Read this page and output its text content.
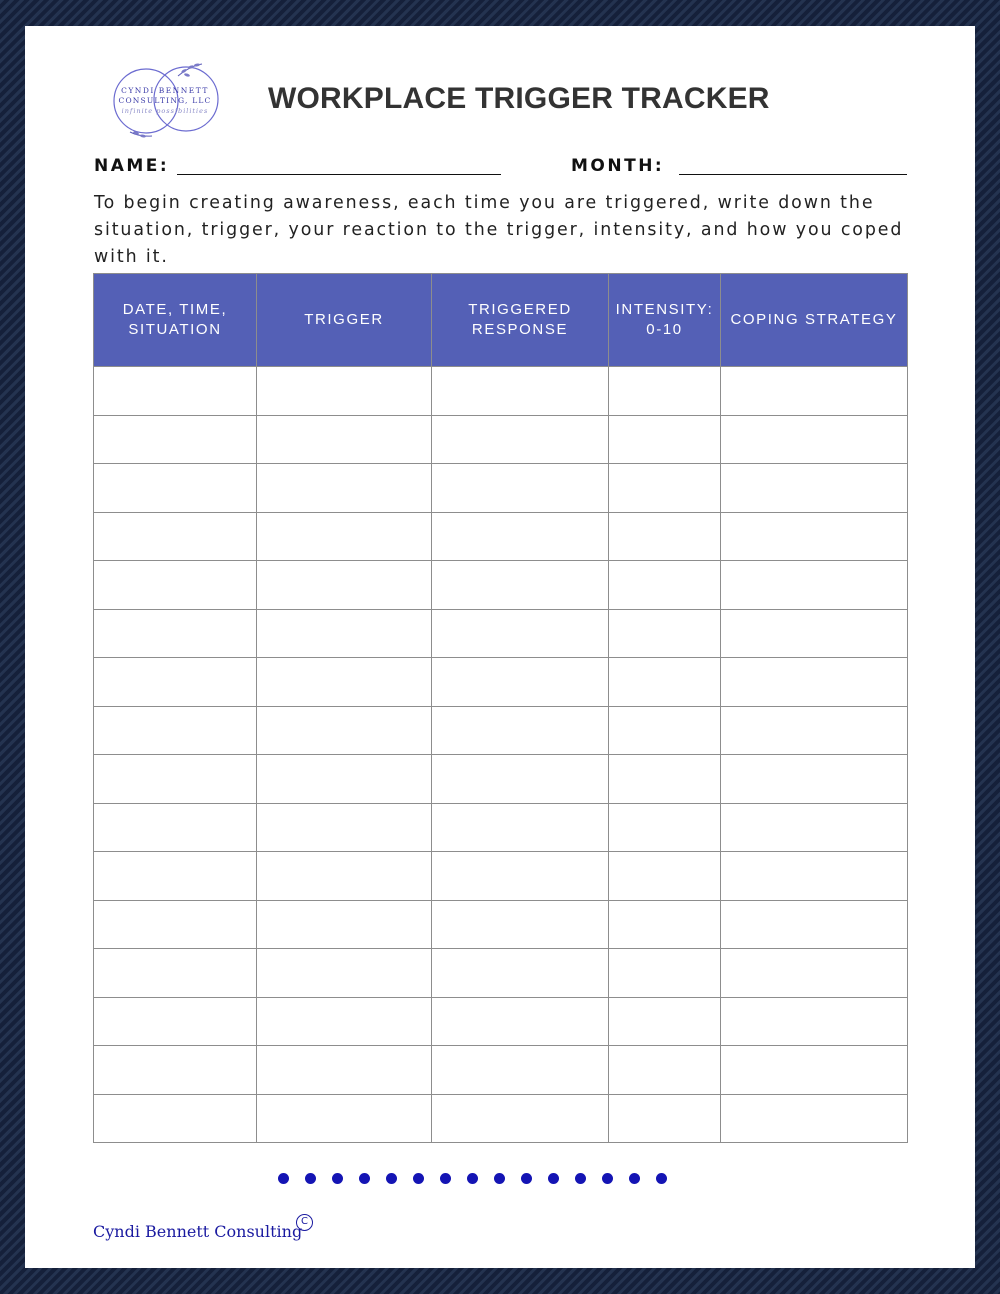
CYNDI BENNETT
CONSULTING, LLC
infinite possibilities	WORKPLACE TRIGGER TRACKER
NAME:	MONTH:
To begin creating awareness, each time you are triggered, write down the situation, trigger, your reaction to the trigger, intensity, and how you coped with it.
DATE, TIME, SITUATION	TRIGGER	TRIGGERED RESPONSE	INTENSITY: 0-10	COPING STRATEGY

Cyndi Bennett Consulting
C
